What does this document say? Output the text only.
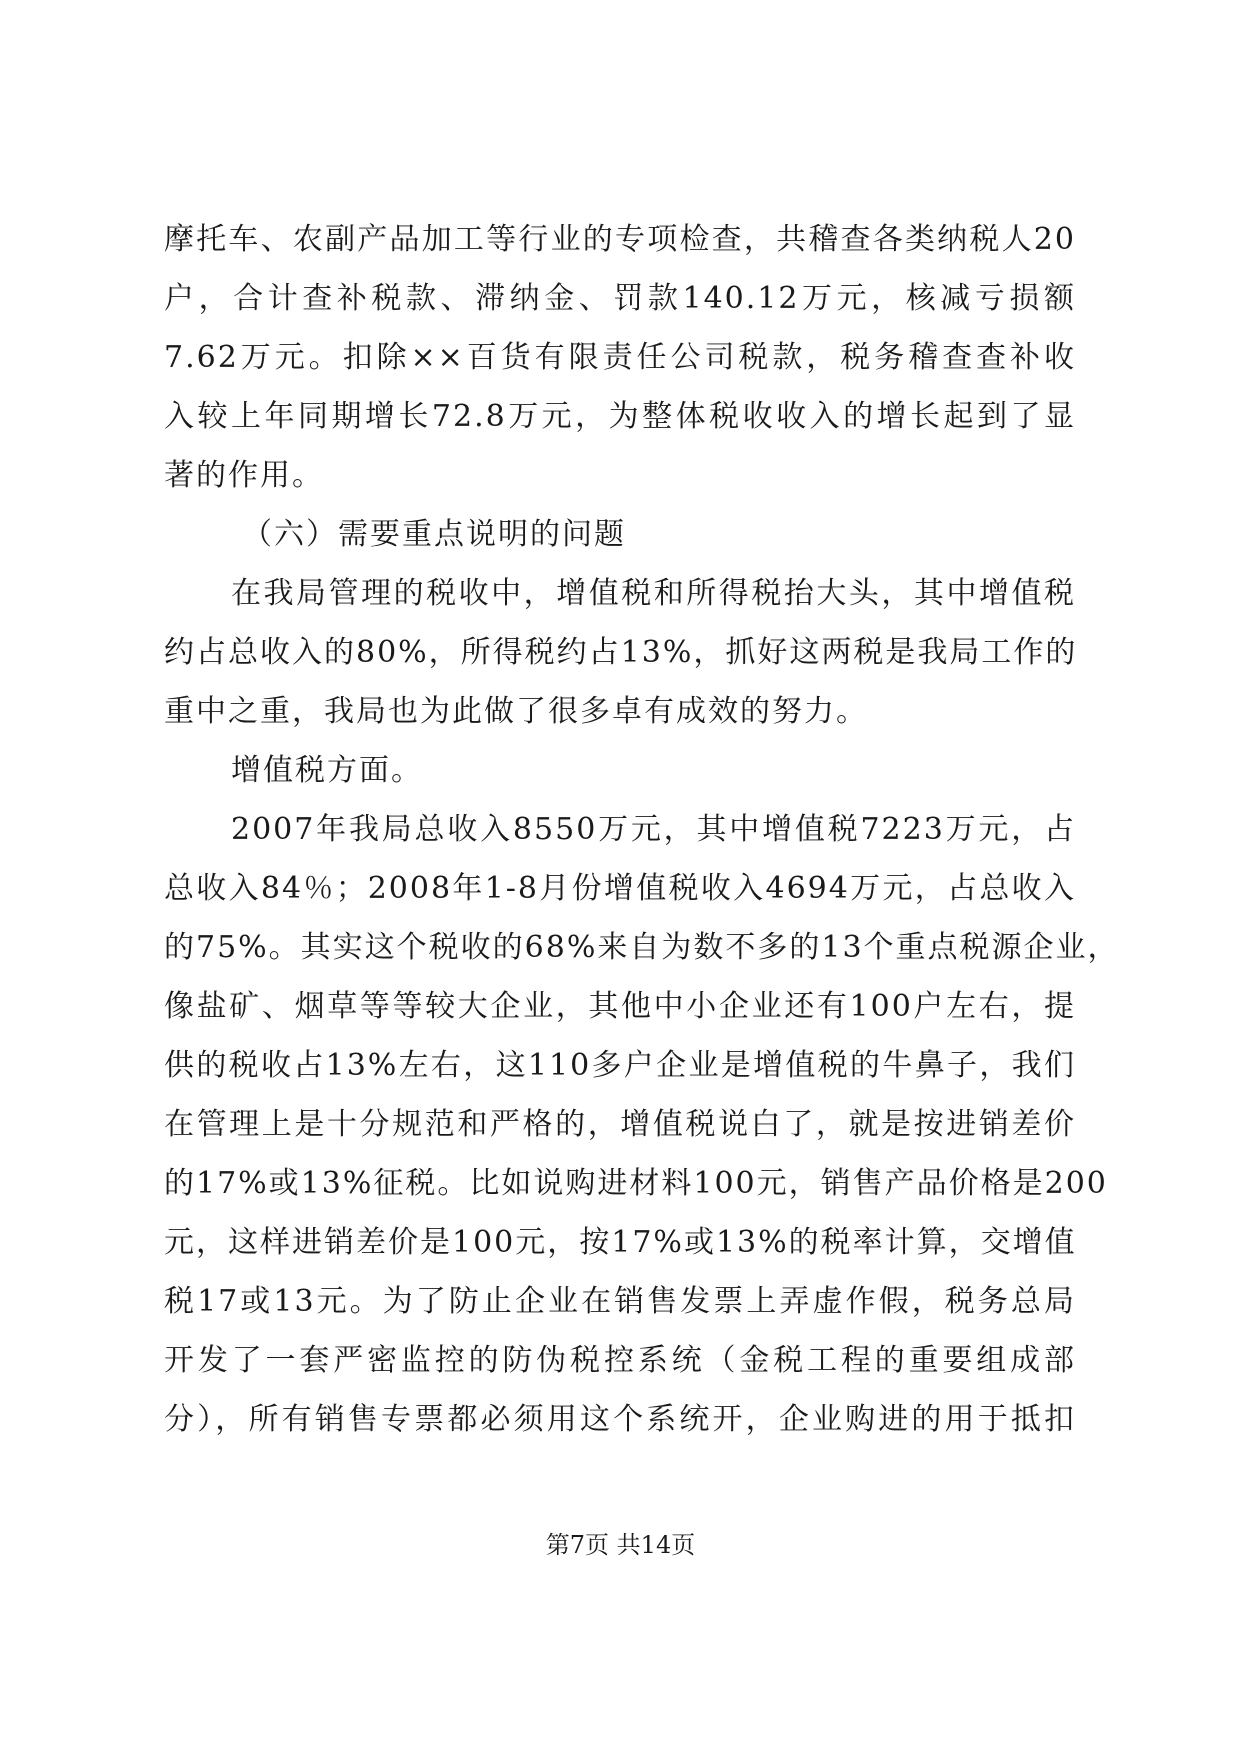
摩托车、农副产品加工等行业的专项检查，共稽查各类纳税人20
户，合计查补税款、滞纳金、罚款140.12万元，核减亏损额
7.62万元。扣除××百货有限责任公司税款，税务稽查查补收
入较上年同期增长72.8万元，为整体税收收入的增长起到了显
著的作用。
（六）需要重点说明的问题
在我局管理的税收中，增值税和所得税抬大头，其中增值税
约占总收入的80%，所得税约占13%，抓好这两税是我局工作的
重中之重，我局也为此做了很多卓有成效的努力。
增值税方面。
2007年我局总收入8550万元，其中增值税7223万元，占
总收入84％；2008年1-8月份增值税收入4694万元，占总收入
的75%。其实这个税收的68%来自为数不多的13个重点税源企业，
像盐矿、烟草等等较大企业，其他中小企业还有100户左右，提
供的税收占13%左右，这110多户企业是增值税的牛鼻子，我们
在管理上是十分规范和严格的，增值税说白了，就是按进销差价
的17%或13%征税。比如说购进材料100元，销售产品价格是200
元，这样进销差价是100元，按17%或13%的税率计算，交增值
税17或13元。为了防止企业在销售发票上弄虚作假，税务总局
开发了一套严密监控的防伪税控系统（金税工程的重要组成部
分），所有销售专票都必须用这个系统开，企业购进的用于抵扣
第7页 共14页
